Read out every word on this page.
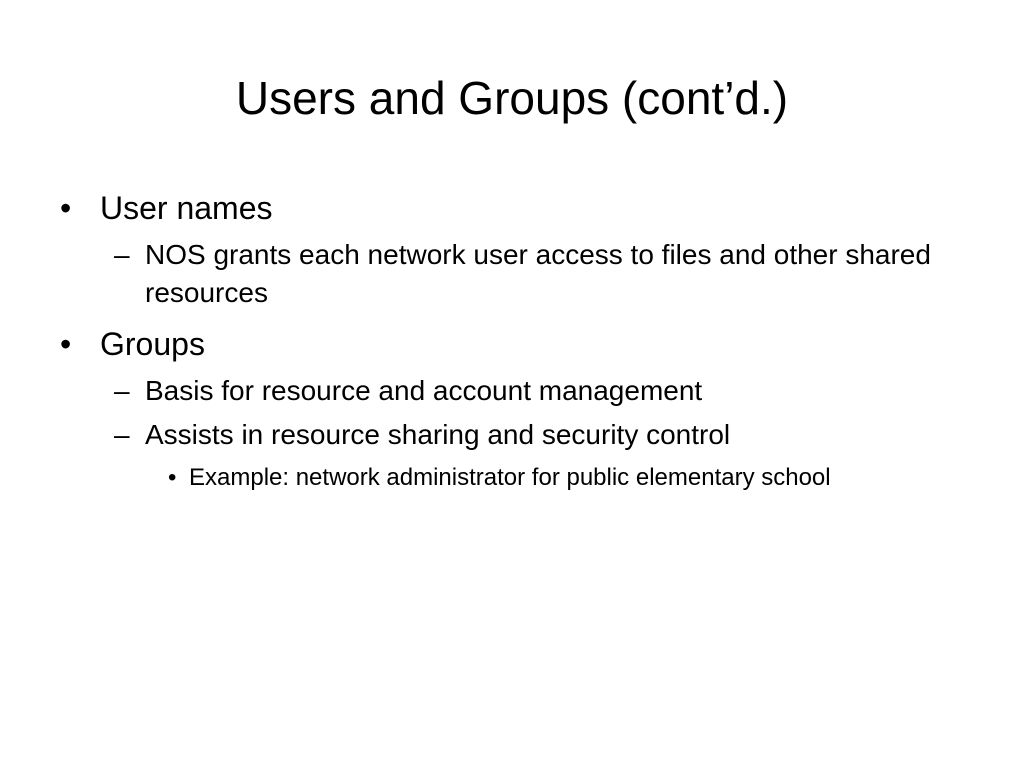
Users and Groups (cont’d.)
• User names
– NOS grants each network user access to files and other shared resources
• Groups
– Basis for resource and account management
– Assists in resource sharing and security control
• Example: network administrator for public elementary school
